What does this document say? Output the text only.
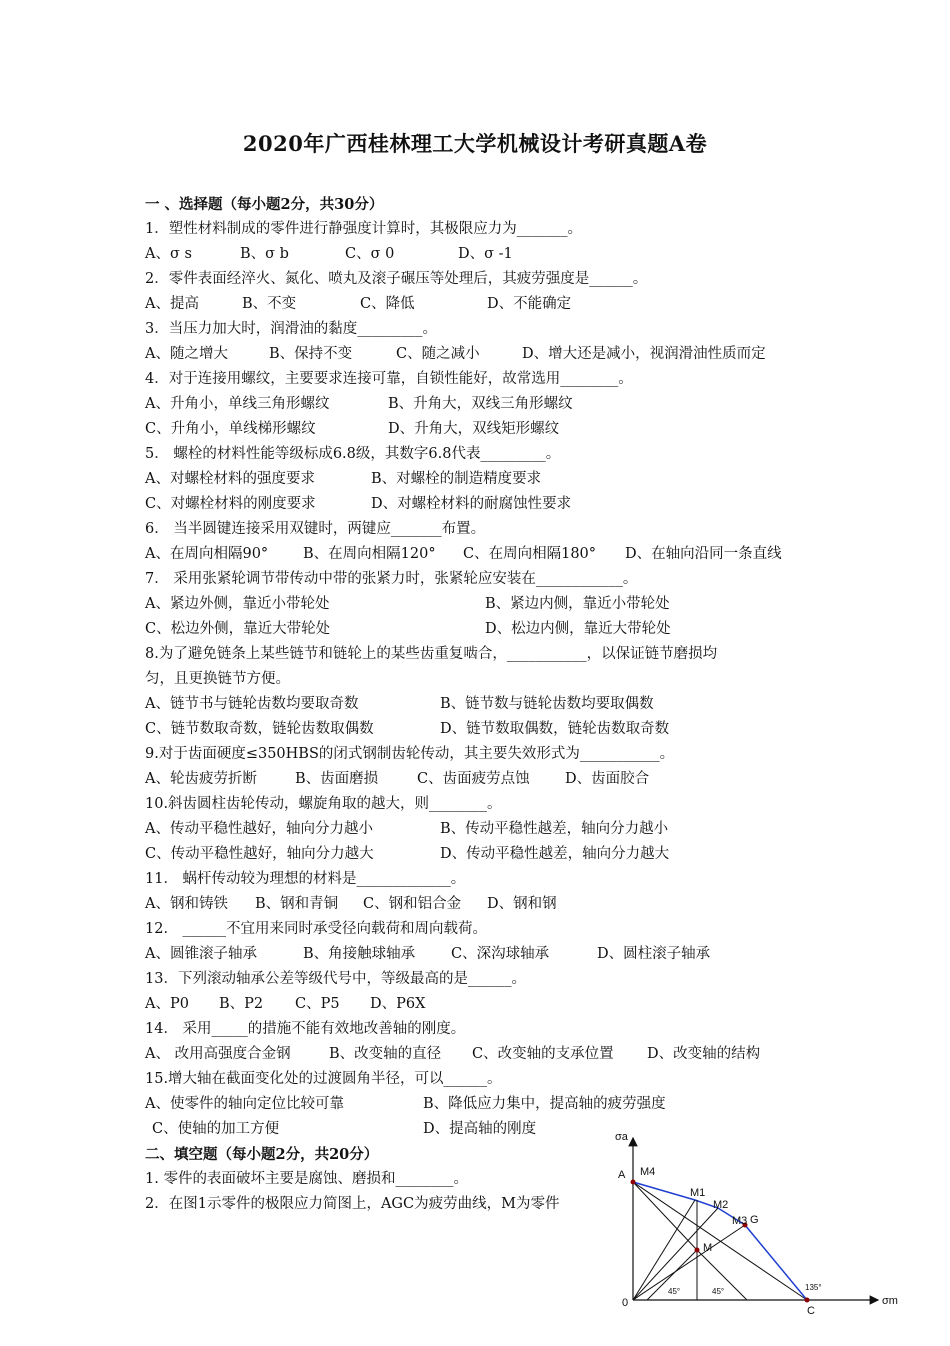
2020年广西桂林理工大学机械设计考研真题A卷
一 、选择题（每小题2分，共30分）
1．塑性材料制成的零件进行静强度计算时，其极限应力为_______。
A、σ s	B、σ b	C、σ 0	D、σ -1
2．零件表面经淬火、氮化、喷丸及滚子碾压等处理后，其疲劳强度是______。
A、提高	B、不变	C、降低	D、不能确定
3．当压力加大时，润滑油的黏度_________。
A、随之增大	B、保持不变	C、随之减小	D、增大还是减小，视润滑油性质而定
4．对于连接用螺纹，主要要求连接可靠，自锁性能好，故常选用________。
A、升角小，单线三角形螺纹	B、升角大，双线三角形螺纹
C、升角小，单线梯形螺纹	D、升角大，双线矩形螺纹
5． 螺栓的材料性能等级标成6.8级，其数字6.8代表_________。
A、对螺栓材料的强度要求	B、对螺栓的制造精度要求
C、对螺栓材料的刚度要求	D、对螺栓材料的耐腐蚀性要求
6． 当半圆键连接采用双键时，两键应_______布置。
A、在周向相隔90°	B、在周向相隔120°	C、在周向相隔180°	D、在轴向沿同一条直线
7． 采用张紧轮调节带传动中带的张紧力时，张紧轮应安装在____________。
A、紧边外侧，靠近小带轮处	B、紧边内侧，靠近小带轮处
C、松边外侧，靠近大带轮处	D、松边内侧，靠近大带轮处
8.为了避免链条上某些链节和链轮上的某些齿重复啮合，___________，以保证链节磨损均
匀，且更换链节方便。
A、链节书与链轮齿数均要取奇数	B、链节数与链轮齿数均要取偶数
C、链节数取奇数，链轮齿数取偶数	D、链节数取偶数，链轮齿数取奇数
9.对于齿面硬度≤350HBS的闭式钢制齿轮传动，其主要失效形式为___________。
A、轮齿疲劳折断	B、齿面磨损	C、齿面疲劳点蚀	D、齿面胶合
10.斜齿圆柱齿轮传动，螺旋角取的越大，则________。
A、传动平稳性越好，轴向分力越小	B、传动平稳性越差，轴向分力越小
C、传动平稳性越好，轴向分力越大	D、传动平稳性越差，轴向分力越大
11． 蜗杆传动较为理想的材料是_____________。
A、钢和铸铁	B、钢和青铜	C、钢和铝合金	D、钢和钢
12． ______不宜用来同时承受径向载荷和周向载荷。
A、圆锥滚子轴承	B、角接触球轴承	C、深沟球轴承	D、圆柱滚子轴承
13．下列滚动轴承公差等级代号中，等级最高的是______。
A、P0	B、P2	C、P5	D、P6X
14． 采用_____的措施不能有效地改善轴的刚度。
A、 改用高强度合金钢	B、改变轴的直径	C、改变轴的支承位置	D、改变轴的结构
15.增大轴在截面变化处的过渡圆角半径，可以______。
A、使零件的轴向定位比较可靠	B、降低应力集中，提高轴的疲劳强度
C、使轴的加工方便	D、提高轴的刚度
二、填空题（每小题2分，共20分）
1. 零件的表面破坏主要是腐蚀、磨损和________。
2．在图1示零件的极限应力简图上，AGC为疲劳曲线，M为零件
σa
σm
A M4
M1
M2
M3 G
M
45°	45°	135°
0
C
